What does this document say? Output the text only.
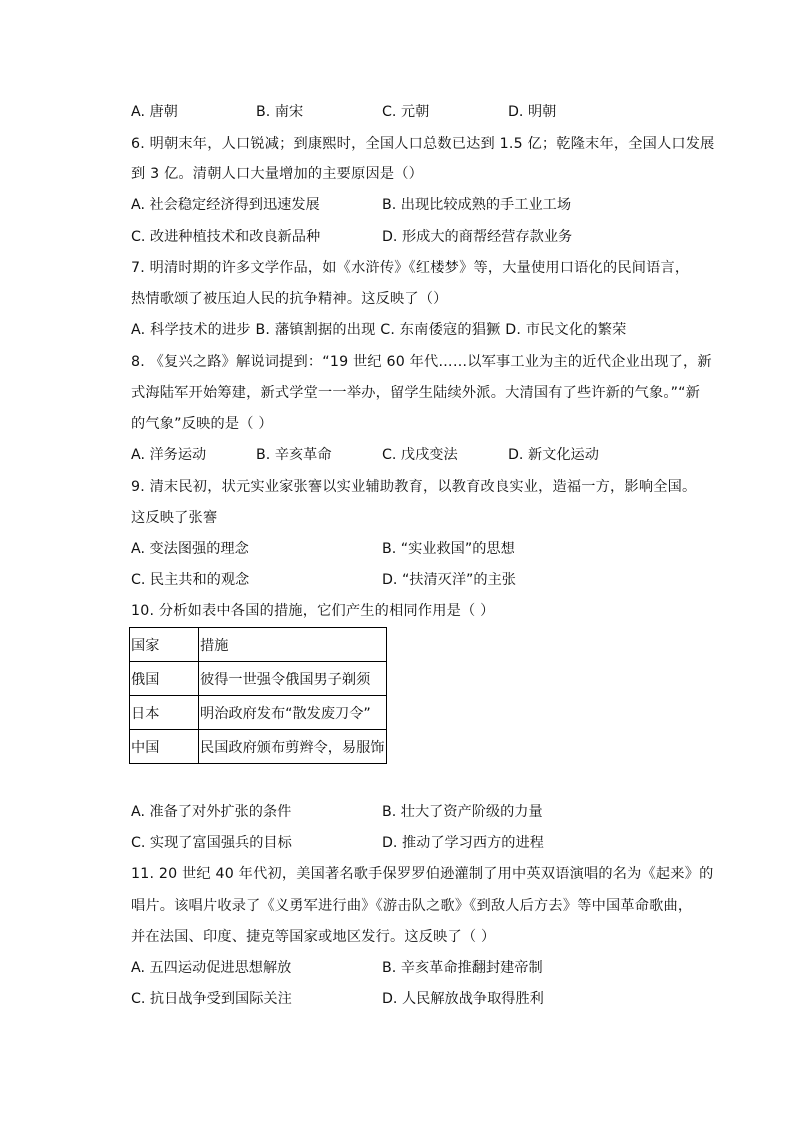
A. 唐朝	B. 南宋	C. 元朝	D. 明朝
6. 明朝末年，人口锐减；到康熙时，全国人口总数已达到 1.5 亿；乾隆末年，全国人口发展
到 3 亿。清朝人口大量增加的主要原因是（）
A. 社会稳定经济得到迅速发展	B. 出现比较成熟的手工业工场
C. 改进种植技术和改良新品种	D. 形成大的商帮经营存款业务
7. 明清时期的许多文学作品，如《水浒传》《红楼梦》等，大量使用口语化的民间语言，
热情歌颂了被压迫人民的抗争精神。这反映了（）
A. 科学技术的进步 B. 藩镇割据的出现 C. 东南倭寇的猖獗 D. 市民文化的繁荣
8. 《复兴之路》解说词提到：“19 世纪 60 年代……以军事工业为主的近代企业出现了，新
式海陆军开始筹建，新式学堂一一举办，留学生陆续外派。大清国有了些许新的气象。”“新
的气象”反映的是（ ）
A. 洋务运动	B. 辛亥革命	C. 戊戌变法	D. 新文化运动
9. 清末民初，状元实业家张謇以实业辅助教育，以教育改良实业，造福一方，影响全国。
这反映了张謇
A. 变法图强的理念	B. “实业救国”的思想
C. 民主共和的观念	D. “扶清灭洋”的主张
10. 分析如表中各国的措施，它们产生的相同作用是（ ）
国家	措施
俄国	彼得一世强令俄国男子剃须
日本	明治政府发布“散发废刀令”
中国	民国政府颁布剪辫令，易服饰
A. 准备了对外扩张的条件	B. 壮大了资产阶级的力量
C. 实现了富国强兵的目标	D. 推动了学习西方的进程
11. 20 世纪 40 年代初，美国著名歌手保罗罗伯逊灌制了用中英双语演唱的名为《起来》的
唱片。该唱片收录了《义勇军进行曲》《游击队之歌》《到敌人后方去》等中国革命歌曲，
并在法国、印度、捷克等国家或地区发行。这反映了（ ）
A. 五四运动促进思想解放	B. 辛亥革命推翻封建帝制
C. 抗日战争受到国际关注	D. 人民解放战争取得胜利
